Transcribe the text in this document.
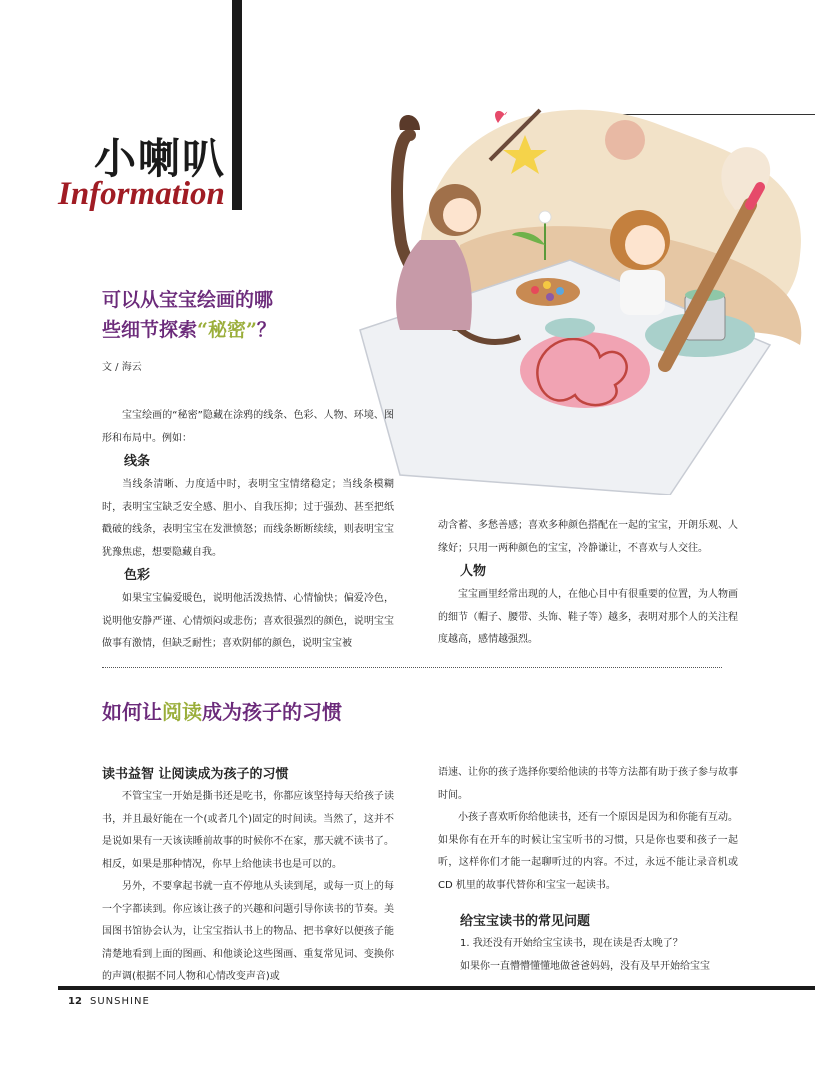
小喇叭
Information
可以从宝宝绘画的哪
些细节探索“秘密”？
文 / 海云

宝宝绘画的“秘密”隐藏在涂鸦的线条、色彩、人物、环境、图形和布局中。例如：

线条

当线条清晰、力度适中时，表明宝宝情绪稳定；当线条模糊时，表明宝宝缺乏安全感、胆小、自我压抑；过于强劲、甚至把纸戳破的线条，表明宝宝在发泄愤怒；而线条断断续续，则表明宝宝犹豫焦虑，想要隐藏自我。

色彩

如果宝宝偏爱暖色，说明他活泼热情、心情愉快；偏爱冷色，说明他安静严谨、心情烦闷或悲伤；喜欢很强烈的颜色，说明宝宝做事有激情，但缺乏耐性；喜欢阴郁的颜色，说明宝宝被

动含蓄、多愁善感；喜欢多种颜色搭配在一起的宝宝，开朗乐观、人缘好；只用一两种颜色的宝宝，冷静谦让，不喜欢与人交往。

人物

宝宝画里经常出现的人，在他心目中有很重要的位置，为人物画的细节（帽子、腰带、头饰、鞋子等）越多，表明对那个人的关注程度越高，感情越强烈。

如何让阅读成为孩子的习惯
读书益智 让阅读成为孩子的习惯

不管宝宝一开始是撕书还是吃书，你都应该坚持每天给孩子读书，并且最好能在一个(或者几个)固定的时间读。当然了，这并不是说如果有一天该读睡前故事的时候你不在家，那天就不读书了。相反，如果是那种情况，你早上给他读书也是可以的。

另外，不要拿起书就一直不停地从头读到尾，或每一页上的每一个字都读到。你应该让孩子的兴趣和问题引导你读书的节奏。美国图书馆协会认为，让宝宝指认书上的物品、把书拿好以便孩子能清楚地看到上面的图画、和他谈论这些图画、重复常见词、变换你的声调(根据不同人物和心情改变声音)或

语速、让你的孩子选择你要给他读的书等方法都有助于孩子参与故事时间。

小孩子喜欢听你给他读书，还有一个原因是因为和你能有互动。如果你有在开车的时候让宝宝听书的习惯，只是你也要和孩子一起听，这样你们才能一起聊听过的内容。不过，永远不能让录音机或 CD 机里的故事代替你和宝宝一起读书。

给宝宝读书的常见问题

1. 我还没有开始给宝宝读书，现在读是否太晚了？

如果你一直懵懵懂懂地做爸爸妈妈，没有及早开始给宝宝

12 SUNSHINE
